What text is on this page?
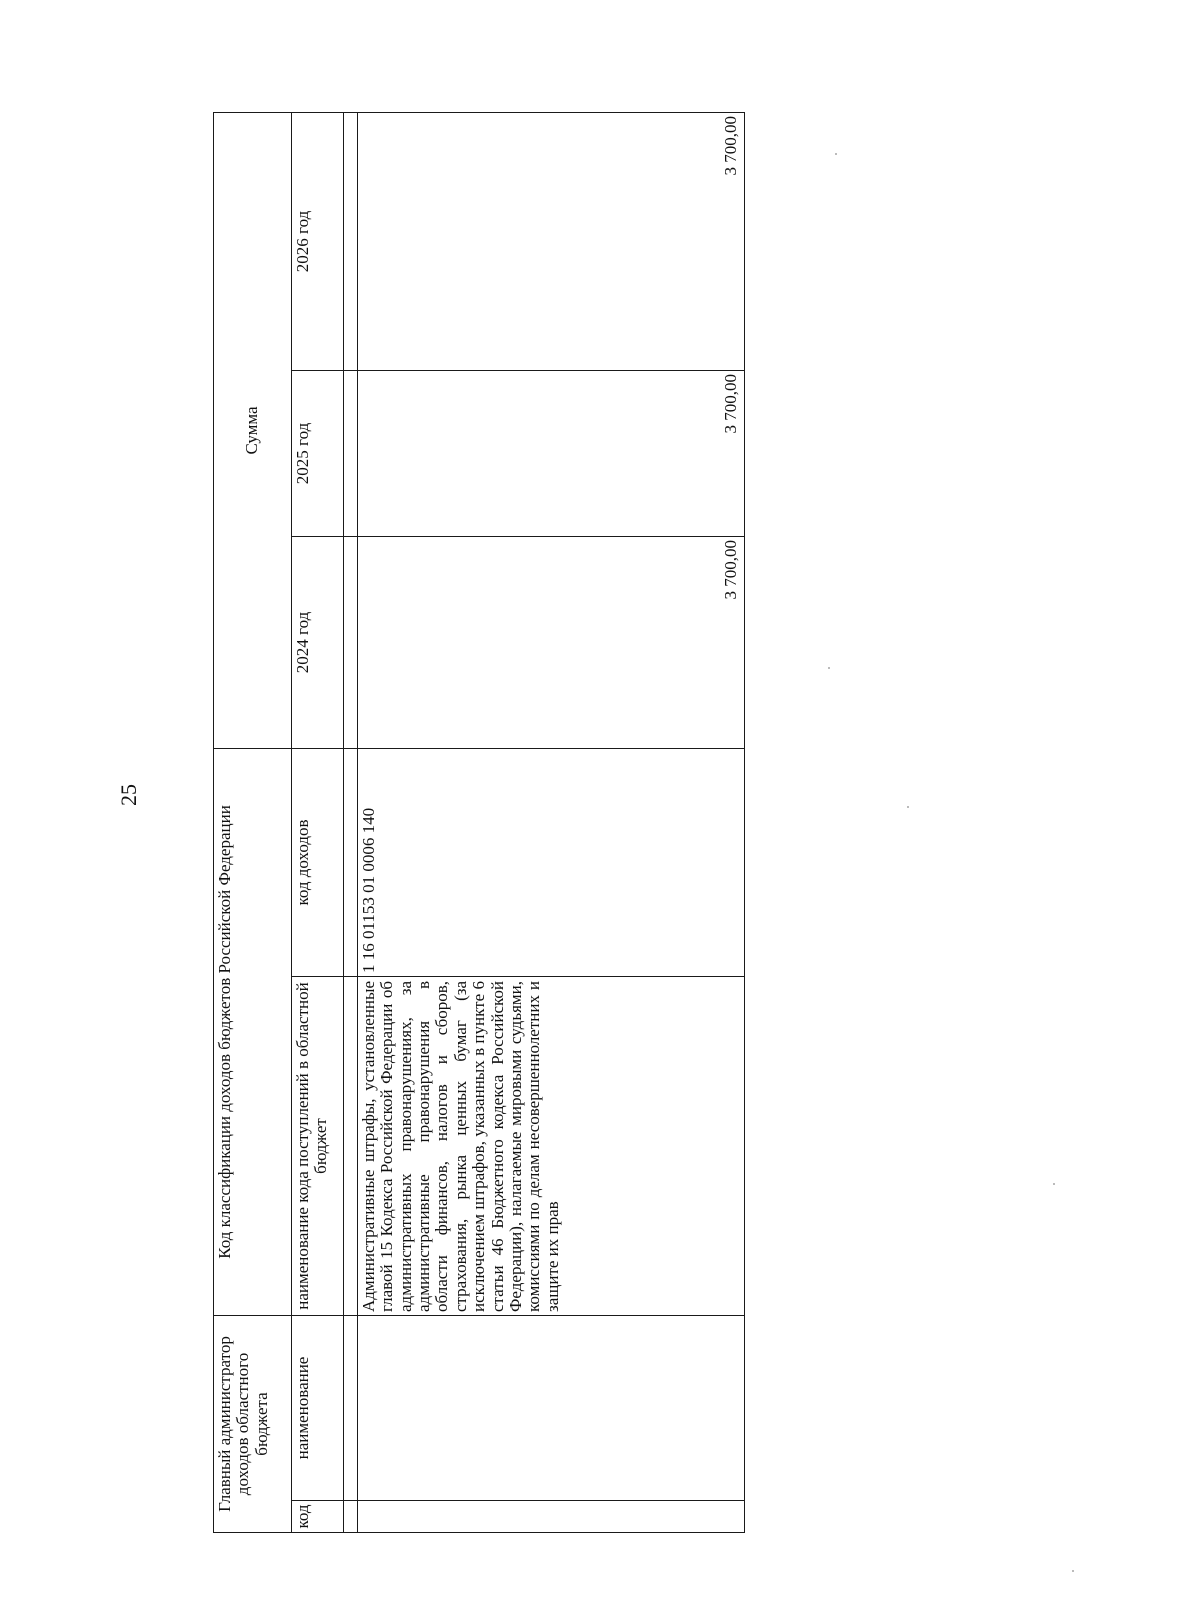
25
Главный администратор доходов областного бюджета		Код классификации доходов бюджетов Российской Федерации		Сумма		
код	наименование	наименование кода поступлений в областной бюджет	код доходов	2024 год	2025 год	2026 год

		Административные штрафы, установленные главой 15 Кодекса Российской Федерации об административных правонарушениях, за административные правонарушения в области финансов, налогов и сборов, страхования, рынка ценных бумаг (за исключением штрафов, указанных в пункте 6 статьи 46 Бюджетного кодекса Российской Федерации), налагаемые мировыми судьями, комиссиями по делам несовершеннолетних и защите их прав	1 16 01153 01 0006 140	3 700,00	3 700,00	3 700,00
